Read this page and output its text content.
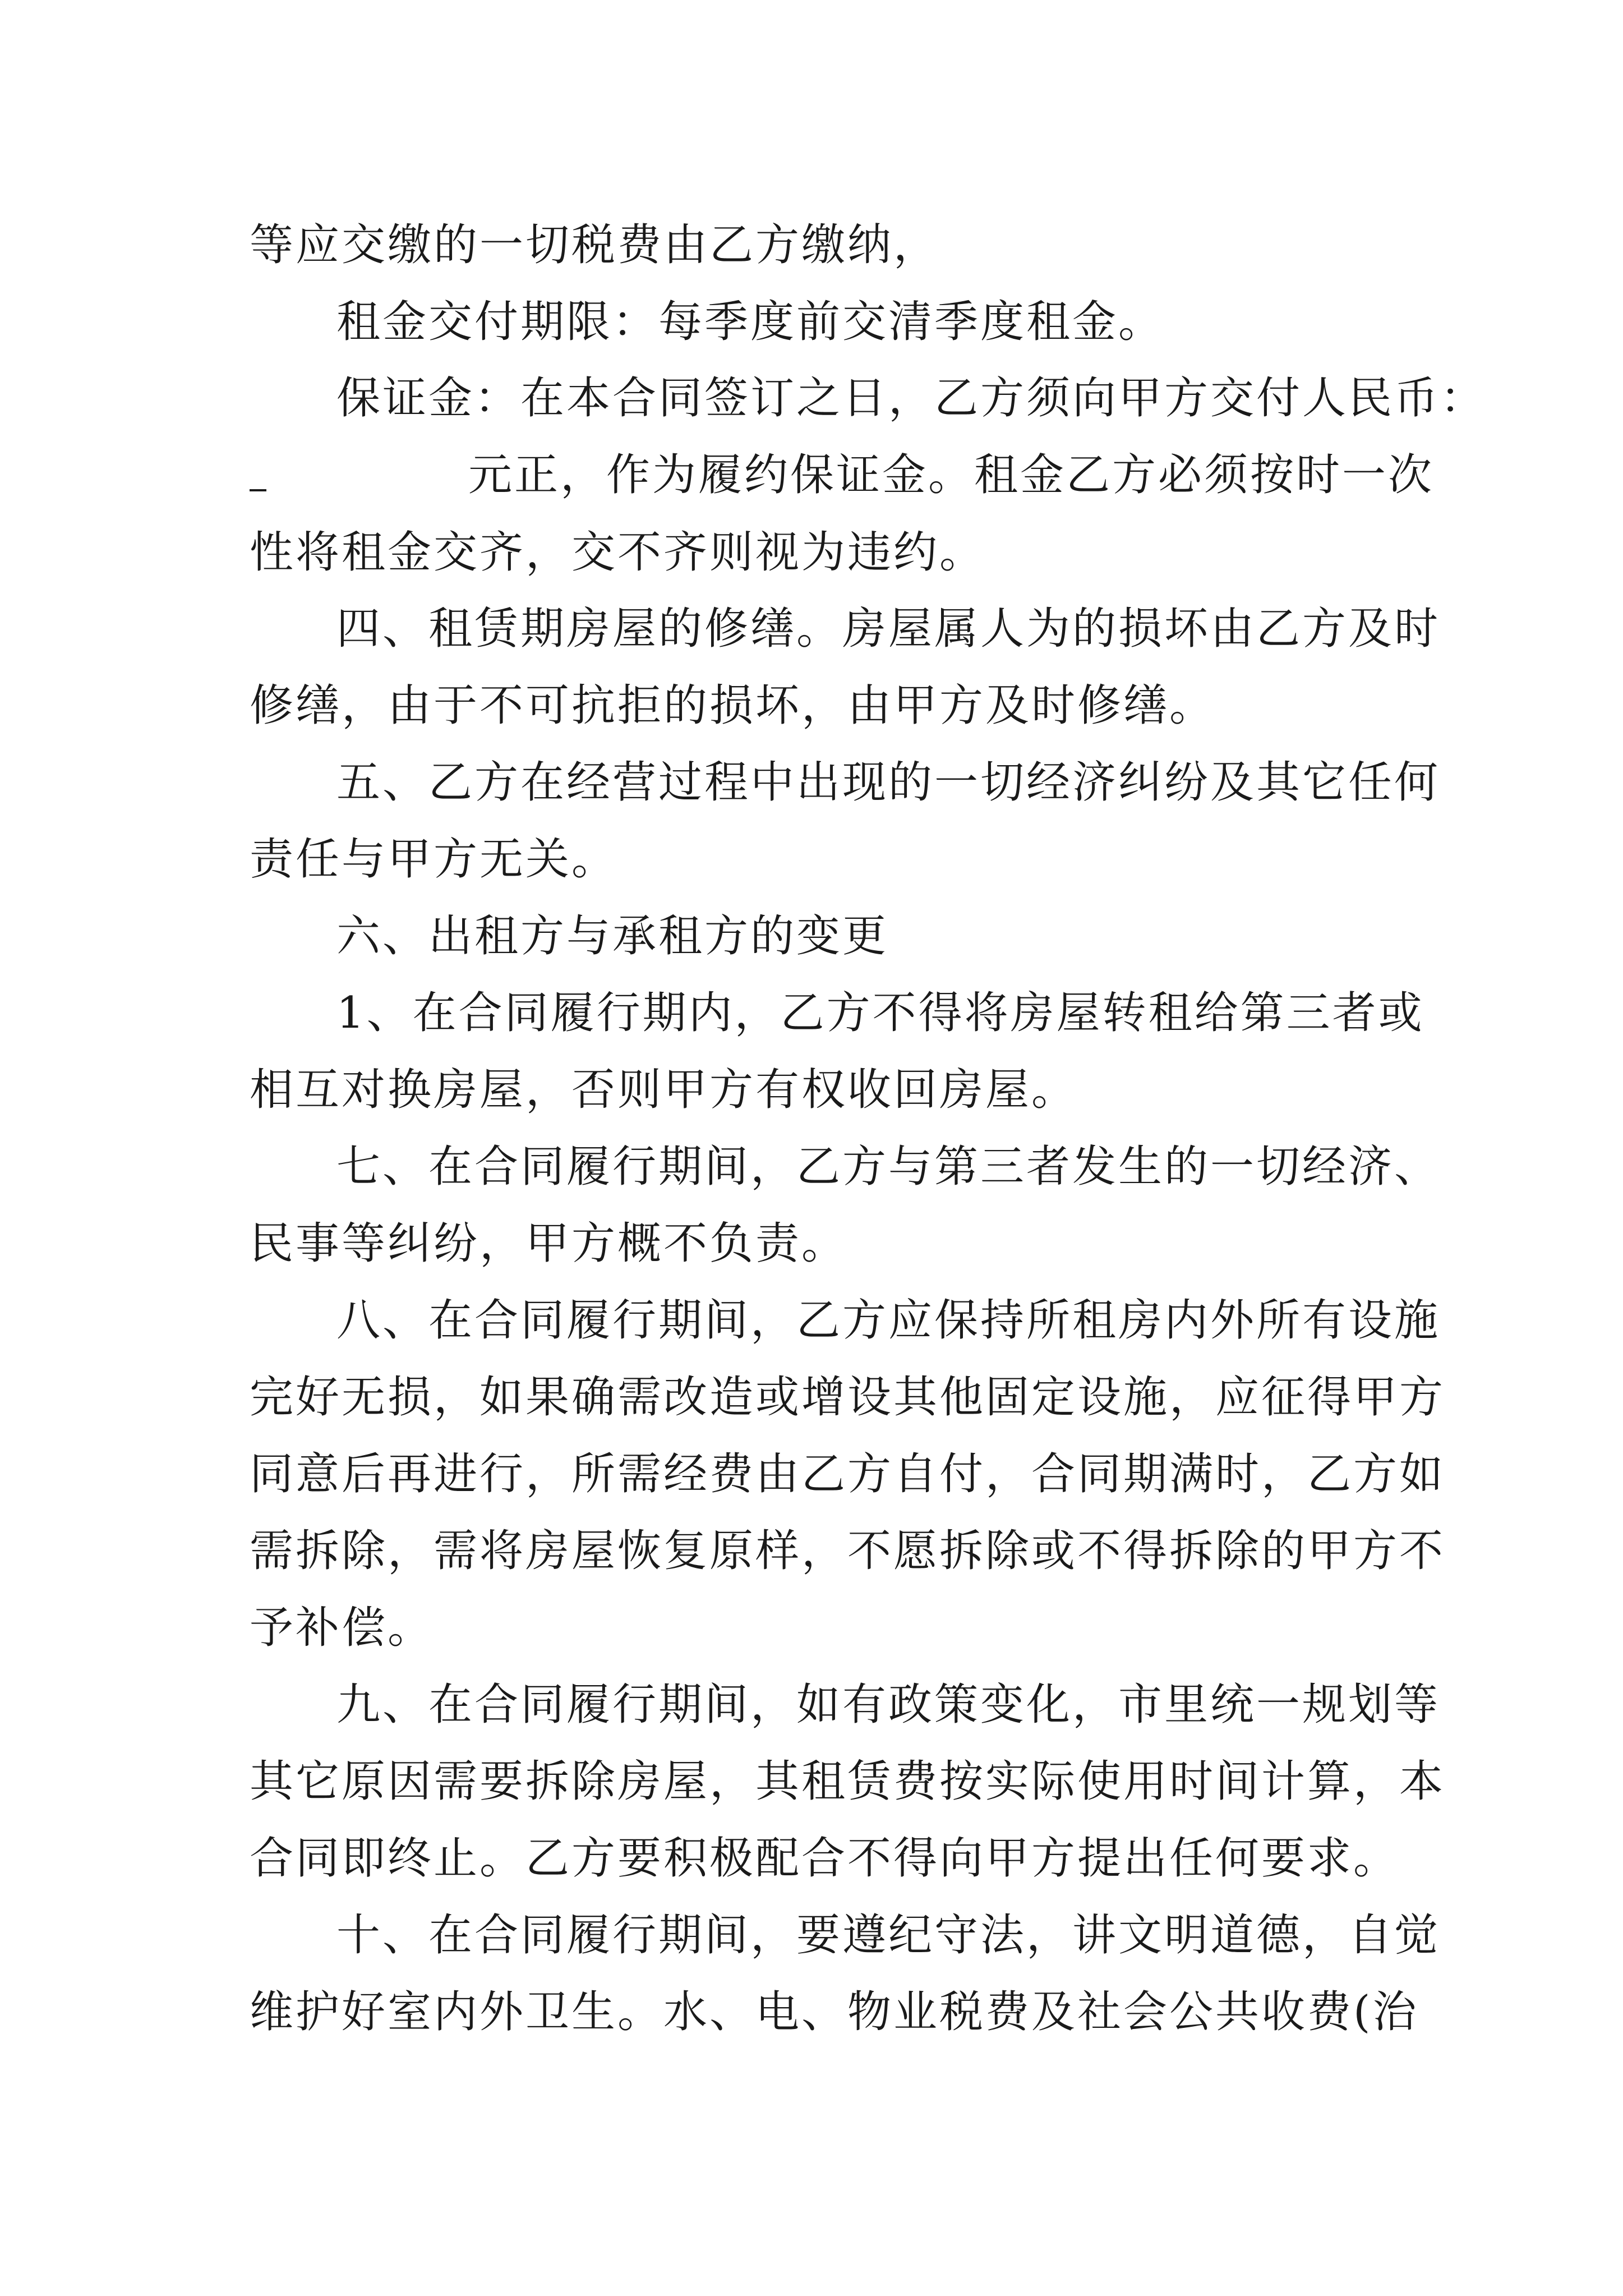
等应交缴的一切税费由乙方缴纳，

租金交付期限：每季度前交清季度租金。

保证金：在本合同签订之日，乙方须向甲方交付人民币：

元正，作为履约保证金。租金乙方必须按时一次

性将租金交齐，交不齐则视为违约。

四、租赁期房屋的修缮。房屋属人为的损坏由乙方及时

修缮，由于不可抗拒的损坏，由甲方及时修缮。

五、乙方在经营过程中出现的一切经济纠纷及其它任何

责任与甲方无关。

六、出租方与承租方的变更

1、在合同履行期内，乙方不得将房屋转租给第三者或

相互对换房屋，否则甲方有权收回房屋。

七、在合同履行期间，乙方与第三者发生的一切经济、

民事等纠纷，甲方概不负责。

八、在合同履行期间，乙方应保持所租房内外所有设施

完好无损，如果确需改造或增设其他固定设施，应征得甲方

同意后再进行，所需经费由乙方自付，合同期满时，乙方如

需拆除，需将房屋恢复原样，不愿拆除或不得拆除的甲方不

予补偿。

九、在合同履行期间，如有政策变化，市里统一规划等

其它原因需要拆除房屋，其租赁费按实际使用时间计算，本

合同即终止。乙方要积极配合不得向甲方提出任何要求。

十、在合同履行期间，要遵纪守法，讲文明道德，自觉

维护好室内外卫生。水、电、物业税费及社会公共收费(治
